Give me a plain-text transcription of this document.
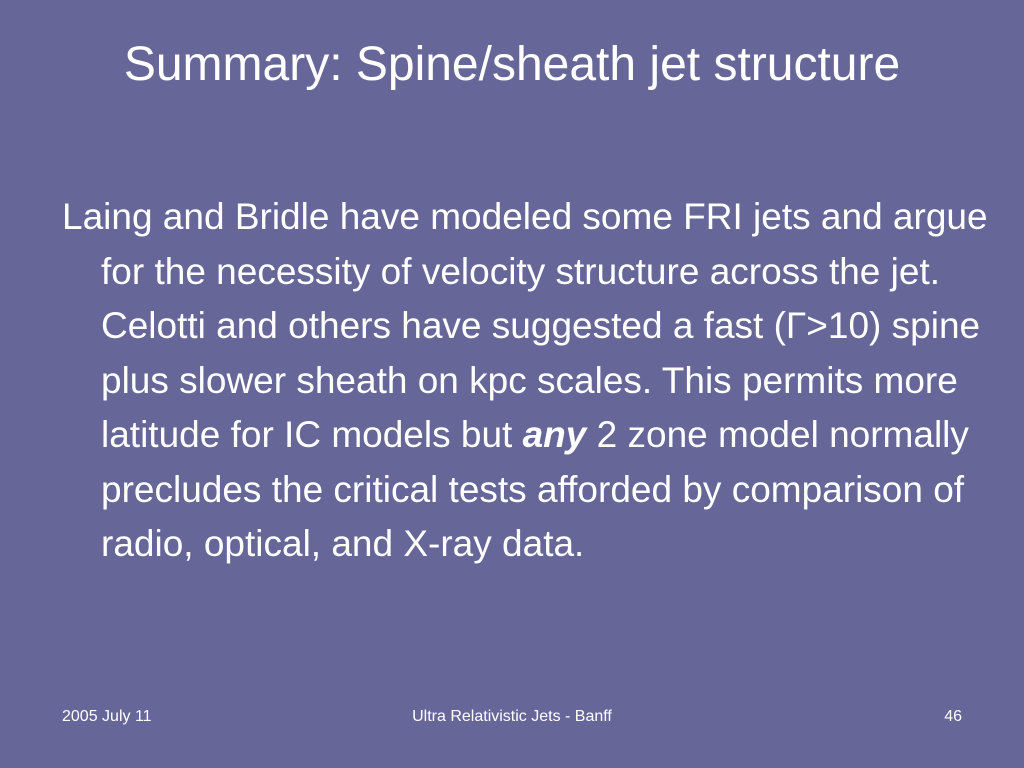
Summary: Spine/sheath jet structure

Laing and Bridle have modeled some FRI jets and argue for the necessity of velocity structure across the jet. Celotti and others have suggested a fast (Γ>10) spine plus slower sheath on kpc scales. This permits more latitude for IC models but any 2 zone model normally precludes the critical tests afforded by comparison of radio, optical, and X-ray data.

2005 July 11	Ultra Relativistic Jets - Banff	46
